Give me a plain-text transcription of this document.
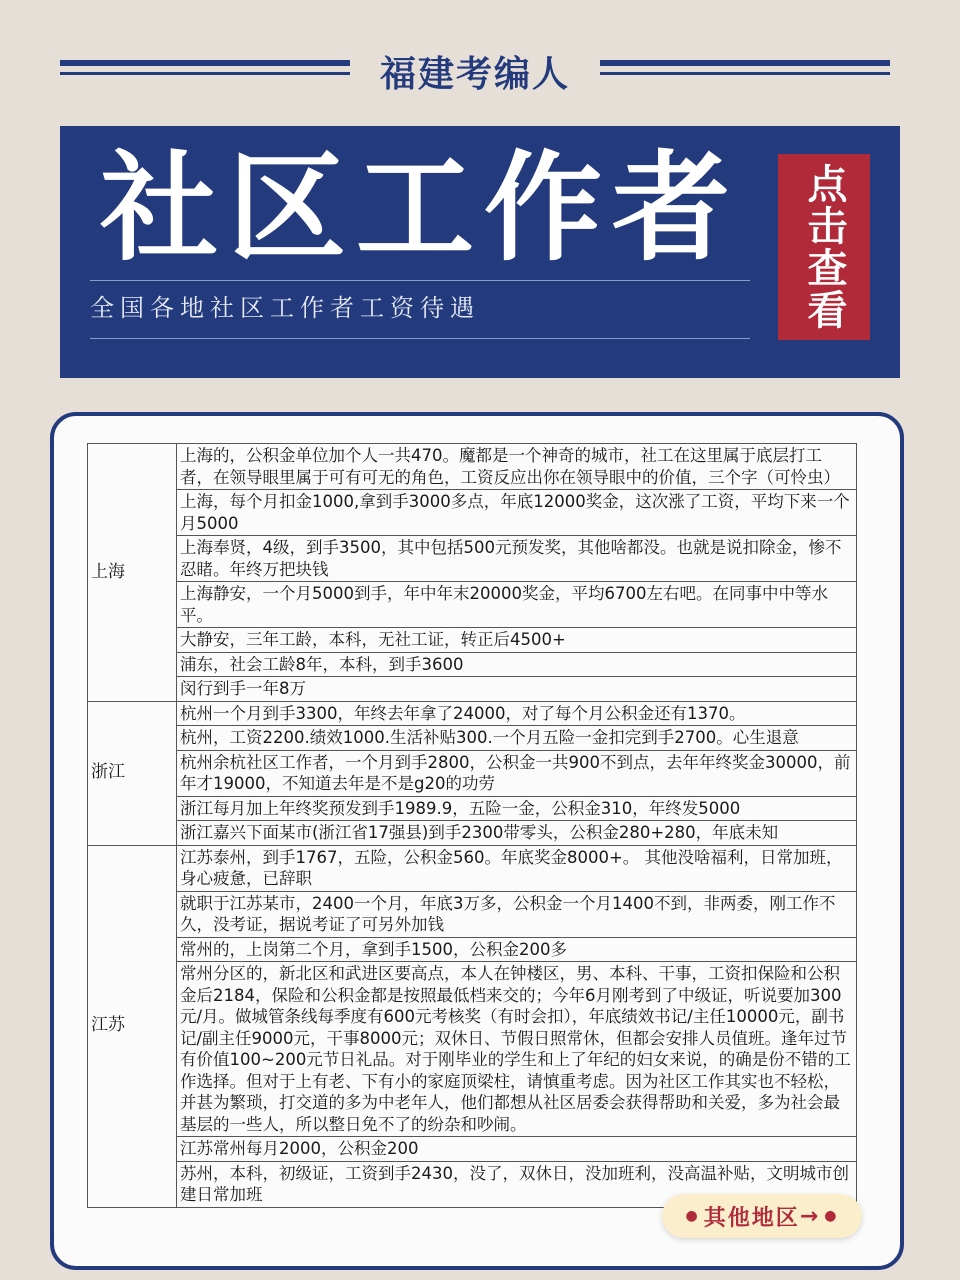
福建考编人
社区工作者
全国各地社区工作者工资待遇	点击查看
上海	上海的，公积金单位加个人一共470。魔都是一个神奇的城市，社工在这里属于底层打工者，在领导眼里属于可有可无的角色，工资反应出你在领导眼中的价值，三个字（可怜虫）
	上海，每个月扣金1000,拿到手3000多点，年底12000奖金，这次涨了工资，平均下来一个月5000
	上海奉贤，4级，到手3500，其中包括500元预发奖，其他啥都没。也就是说扣除金，惨不忍睹。年终万把块钱
	上海静安，一个月5000到手，年中年末20000奖金，平均6700左右吧。在同事中中等水平。
	大静安，三年工龄，本科，无社工证，转正后4500+
	浦东，社会工龄8年，本科，到手3600
	闵行到手一年8万
浙江	杭州一个月到手3300，年终去年拿了24000，对了每个月公积金还有1370。
	杭州，工资2200.绩效1000.生活补贴300.一个月五险一金扣完到手2700。心生退意
	杭州余杭社区工作者，一个月到手2800，公积金一共900不到点，去年年终奖金30000，前年才19000，不知道去年是不是g20的功劳
	浙江每月加上年终奖预发到手1989.9，五险一金，公积金310，年终发5000
	浙江嘉兴下面某市(浙江省17强县)到手2300带零头，公积金280+280，年底未知
江苏	江苏泰州，到手1767，五险，公积金560。年底奖金8000+。 其他没啥福利，日常加班，身心疲惫，已辞职
	就职于江苏某市，2400一个月，年底3万多，公积金一个月1400不到，非两委，刚工作不久，没考证，据说考证了可另外加钱
	常州的，上岗第二个月，拿到手1500，公积金200多
	常州分区的，新北区和武进区要高点，本人在钟楼区，男、本科、干事，工资扣保险和公积金后2184，保险和公积金都是按照最低档来交的；今年6月刚考到了中级证，听说要加300元/月。做城管条线每季度有600元考核奖（有时会扣），年底绩效书记/主任10000元，副书记/副主任9000元，干事8000元；双休日、节假日照常休，但都会安排人员值班。逢年过节有价值100~200元节日礼品。对于刚毕业的学生和上了年纪的妇女来说，的确是份不错的工作选择。但对于上有老、下有小的家庭顶梁柱，请慎重考虑。因为社区工作其实也不轻松，并甚为繁琐，打交道的多为中老年人，他们都想从社区居委会获得帮助和关爱，多为社会最基层的一些人，所以整日免不了的纷杂和吵闹。
	江苏常州每月2000，公积金200
	苏州，本科，初级证，工资到手2430，没了，双休日，没加班利，没高温补贴，文明城市创建日常加班
● 其他地区 → ●
